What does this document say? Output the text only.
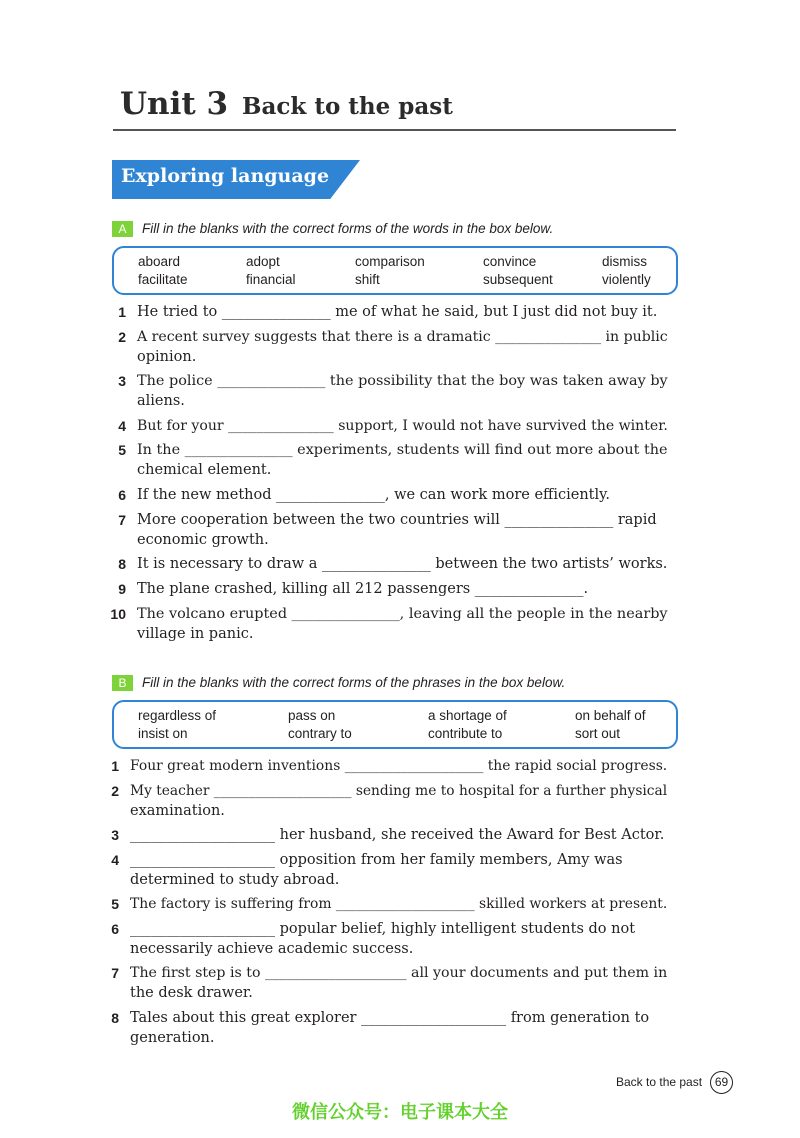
Unit 3 Back to the past
Exploring language
A	Fill in the blanks with the correct forms of the words in the box below.
aboard	adopt	comparison	convince	dismiss
facilitate	financial	shift	subsequent	violently
1 He tried to _______________ me of what he said, but I just did not buy it.
2 A recent survey suggests that there is a dramatic _______________ in public
opinion.
3 The police _______________ the possibility that the boy was taken away by
aliens.
4 But for your _______________ support, I would not have survived the winter.
5 In the _______________ experiments, students will find out more about the
chemical element.
6 If the new method _______________, we can work more efficiently.
7 More cooperation between the two countries will _______________ rapid
economic growth.
8 It is necessary to draw a _______________ between the two artists’ works.
9 The plane crashed, killing all 212 passengers _______________.
10 The volcano erupted _______________, leaving all the people in the nearby
village in panic.
B	Fill in the blanks with the correct forms of the phrases in the box below.
regardless of	pass on	a shortage of	on behalf of
insist on	contrary to	contribute to	sort out
1 Four great modern inventions ____________________ the rapid social progress.
2 My teacher ____________________ sending me to hospital for a further physical
examination.
3 ____________________ her husband, she received the Award for Best Actor.
4 ____________________ opposition from her family members, Amy was
determined to study abroad.
5 The factory is suffering from ____________________ skilled workers at present.
6 ____________________ popular belief, highly intelligent students do not
necessarily achieve academic success.
7 The first step is to ____________________ all your documents and put them in
the desk drawer.
8 Tales about this great explorer ____________________ from generation to
generation.
Back to the past	69
微信公众号：电子课本大全
